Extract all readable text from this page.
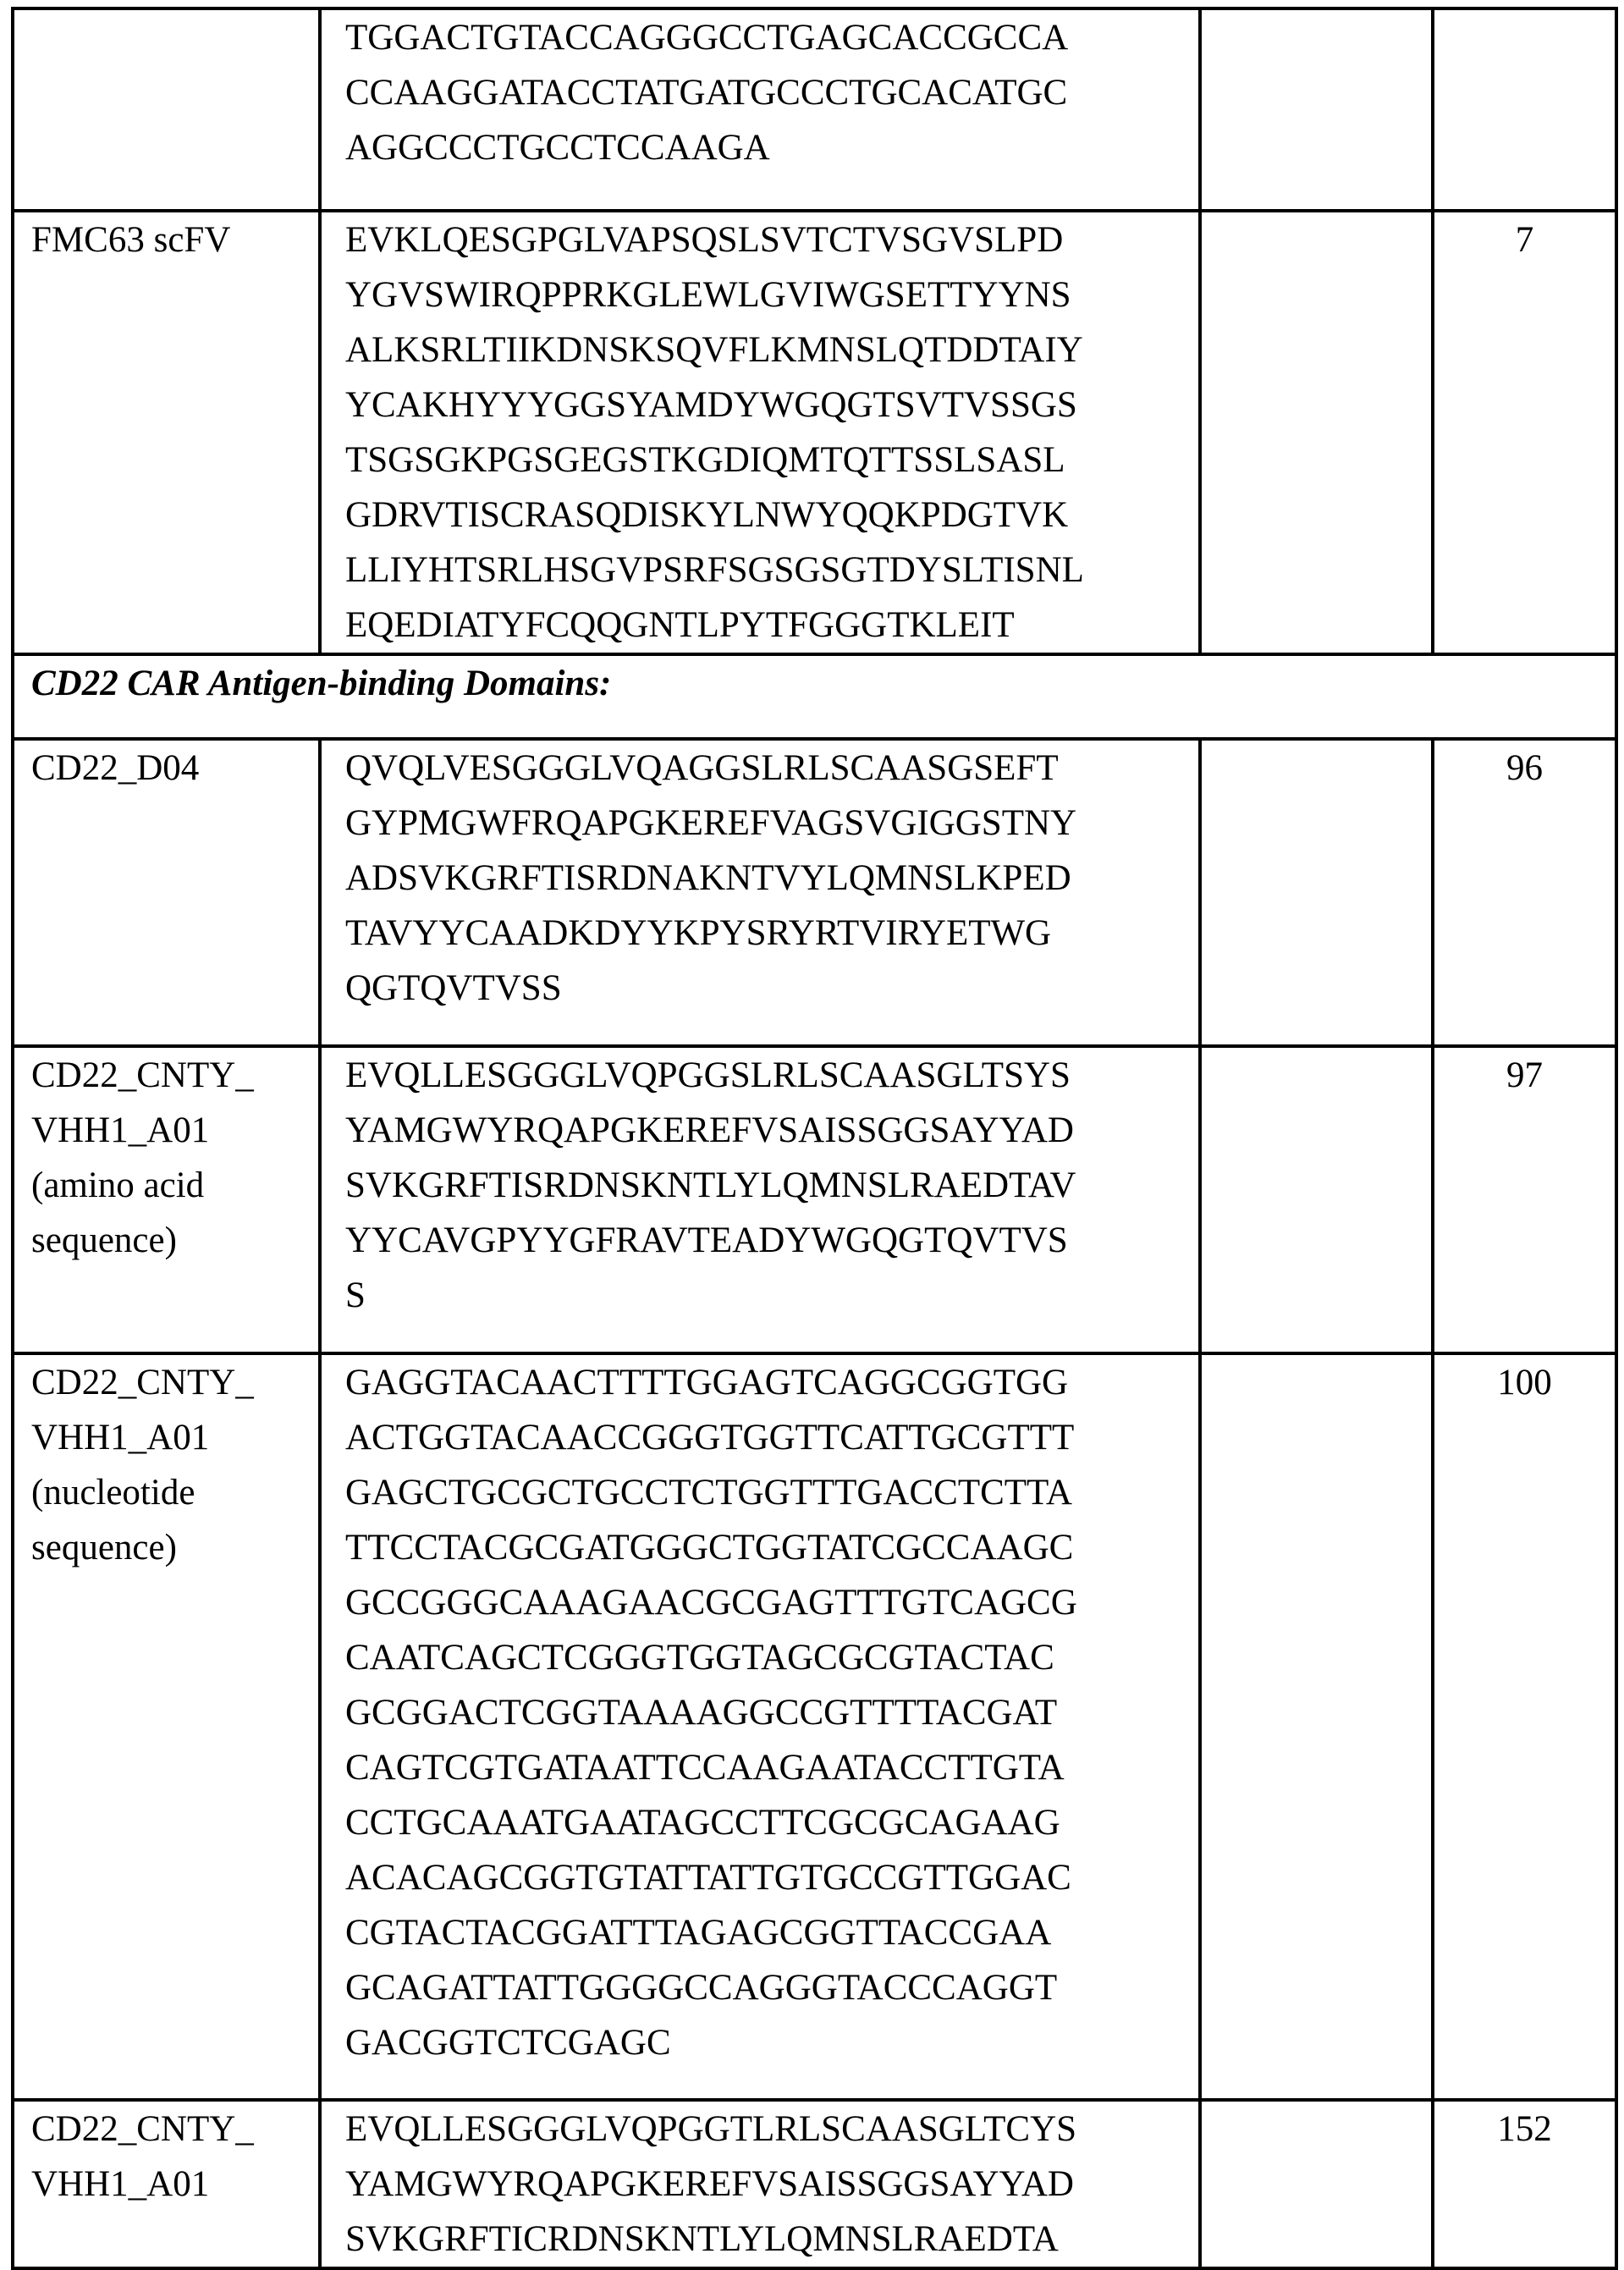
TGGACTGTACCAGGGCCTGAGCACCGCCA
CCAAGGATACCTATGATGCCCTGCACATGC
AGGCCCTGCCTCCAAGA

FMC63 scFV	EVKLQESGPGLVAPSQSLSVTCTVSGVSLPD
YGVSWIRQPPRKGLEWLGVIWGSETTYYNS
ALKSRLTIIKDNSKSQVFLKMNSLQTDDTAIY
YCAKHYYYGGSYAMDYWGQGTSVTVSSGS
TSGSGKPGSGEGSTKGDIQMTQTTSSLSASL
GDRVTISCRASQDISKYLNWYQQKPDGTVK
LLIYHTSRLHSGVPSRFSGSGSGTDYSLTISNL
EQEDIATYFCQQGNTLPYTFGGGTKLEIT
		7
CD22 CAR Antigen-binding Domains:

CD22_D04	QVQLVESGGGLVQAGGSLRLSCAASGSEFT
GYPMGWFRQAPGKEREFVAGSVGIGGSTNY
ADSVKGRFTISRDNAKNTVYLQMNSLKPED
TAVYYCAADKDYYKPYSRYRTVIRYETWG
QGTQVTVSS
		96

CD22_CNTY_
VHH1_A01
(amino acid
sequence)

EVQLLESGGGLVQPGGSLRLSCAASGLTSYS
YAMGWYRQAPGKEREFVSAISSGGSAYYAD
SVKGRFTISRDNSKNTLYLQMNSLRAEDTAV
YYCAVGPYYGFRAVTEADYWGQGTQVTVS
S
		97

CD22_CNTY_
VHH1_A01
(nucleotide
sequence)

GAGGTACAACTTTTGGAGTCAGGCGGTGG
ACTGGTACAACCGGGTGGTTCATTGCGTTT
GAGCTGCGCTGCCTCTGGTTTGACCTCTTA
TTCCTACGCGATGGGCTGGTATCGCCAAGC
GCCGGGCAAAGAACGCGAGTTTGTCAGCG
CAATCAGCTCGGGTGGTAGCGCGTACTAC
GCGGACTCGGTAAAAGGCCGTTTTACGAT
CAGTCGTGATAATTCCAAGAATACCTTGTA
CCTGCAAATGAATAGCCTTCGCGCAGAAG
ACACAGCGGTGTATTATTGTGCCGTTGGAC
CGTACTACGGATTTAGAGCGGTTACCGAA
GCAGATTATTGGGGCCAGGGTACCCAGGT
GACGGTCTCGAGC
		100

CD22_CNTY_
VHH1_A01

EVQLLESGGGLVQPGGTLRLSCAASGLTCYS
YAMGWYRQAPGKEREFVSAISSGGSAYYAD
SVKGRFTICRDNSKNTLYLQMNSLRAEDTA
		152
